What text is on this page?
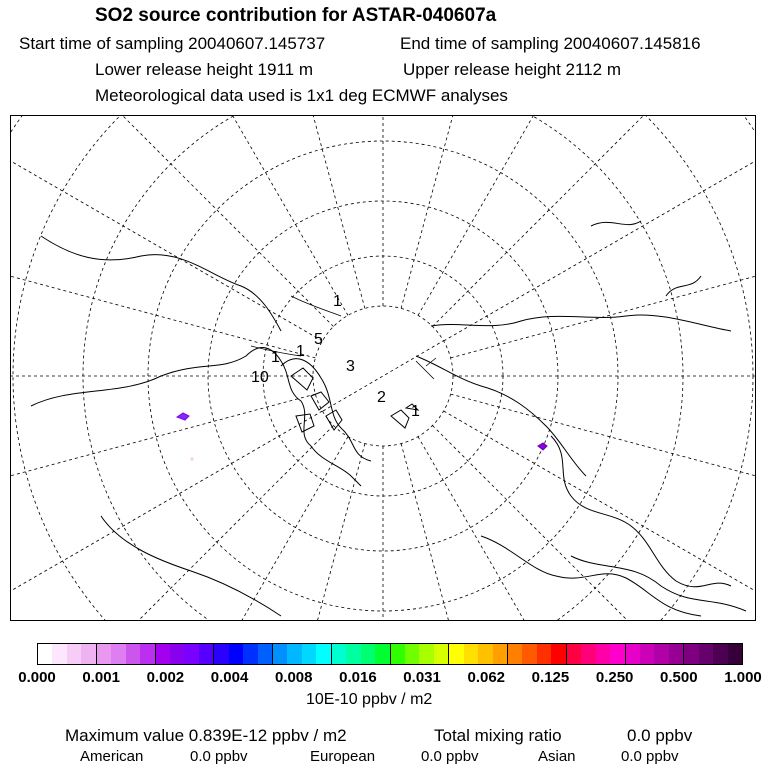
SO2 source contribution for ASTAR-040607a
Start time of sampling 20040607.145737	End time of sampling 20040607.145816
Lower release height 1911 m	Upper release height 2112 m
Meteorological data used is 1x1 deg ECMWF analyses
1
2
3
1
5
1 1
10
0.000 0.001 0.002 0.004 0.008 0.016 0.031 0.062 0.125 0.250 0.500 1.000
10E-10 ppbv / m2
Maximum value 0.839E-12 ppbv / m2	Total mixing ratio	0.0 ppbv
American	0.0 ppbv	European	0.0 ppbv	Asian	0.0 ppbv
